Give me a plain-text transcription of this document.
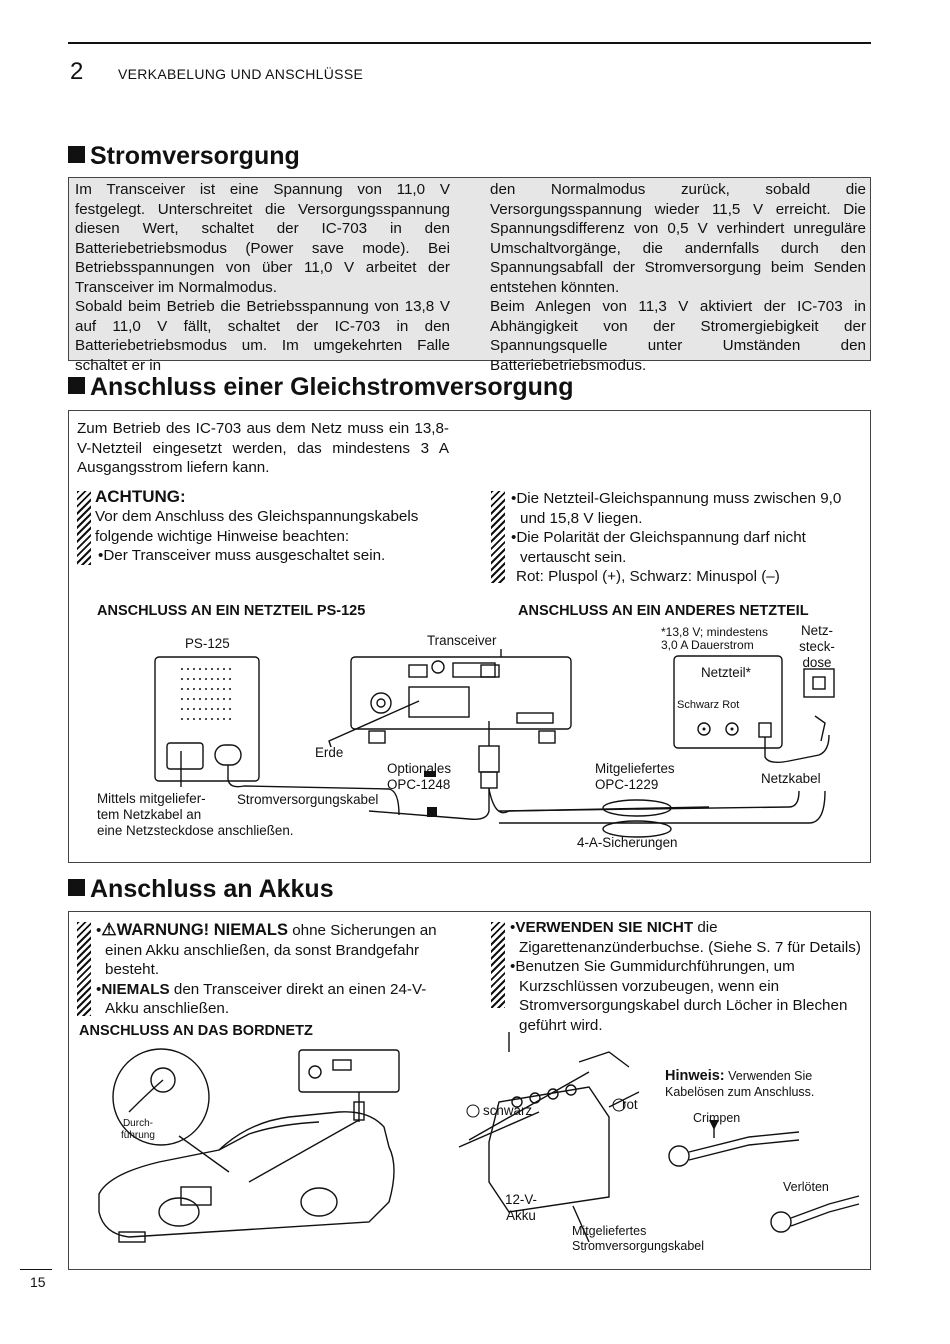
2 VERKABELUNG UND ANSCHLÜSSE
Stromversorgung
Im Transceiver ist eine Spannung von 11,0 V festgelegt. Unterschreitet die Versorgungsspannung diesen Wert, schaltet der IC-703 in den Batteriebetriebsmodus (Power save mode). Bei Betriebsspannungen von über 11,0 V arbeitet der Transceiver im Normalmodus.
Sobald beim Betrieb die Betriebsspannung von 13,8 V auf 11,0 V fällt, schaltet der IC-703 in den Batteriebetriebsmodus um. Im umgekehrten Falle schaltet er in
den Normalmodus zurück, sobald die Versorgungsspannung wieder 11,5 V erreicht. Die Spannungsdifferenz von 0,5 V verhindert unreguläre Umschaltvorgänge, die andernfalls durch den Spannungsabfall der Stromversorgung beim Senden entstehen könnten.
Beim Anlegen von 11,3 V aktiviert der IC-703 in Abhängigkeit von der Stromergiebigkeit der Spannungsquelle unter Umständen den Batteriebetriebsmodus.
Anschluss einer Gleichstromversorgung
Zum Betrieb des IC-703 aus dem Netz muss ein 13,8-V-Netzteil eingesetzt werden, das mindestens 3 A Ausgangsstrom liefern kann.
ACHTUNG:
Vor dem Anschluss des Gleichspannungskabels folgende wichtige Hinweise beachten:
•Der Transceiver muss ausgeschaltet sein.
•Die Netzteil-Gleichspannung muss zwischen 9,0 und 15,8 V liegen.
•Die Polarität der Gleichspannung darf nicht vertauscht sein.
Rot: Pluspol (+), Schwarz: Minuspol (–)
ANSCHLUSS AN EIN NETZTEIL PS-125	ANSCHLUSS AN EIN ANDERES NETZTEIL
PS-125	Transceiver
*13,8 V; mindestens
3,0 A Dauerstrom
Netz-
steck-
dose
Netzteil*
Schwarz Rot
Erde
Optionales
OPC-1248
Mitgeliefertes
OPC-1229	Netzkabel
Mittels mitgeliefer-
tem Netzkabel an
eine Netzsteckdose anschließen.
Stromversorgungskabel
4-A-Sicherungen
Anschluss an Akkus
•⚠WARNUNG! NIEMALS ohne Sicherungen an einen Akku anschließen, da sonst Brandgefahr besteht.
•NIEMALS den Transceiver direkt an einen 24-V-Akku anschließen.
•VERWENDEN SIE NICHT die Zigarettenanzünderbuchse. (Siehe S. 7 für Details)
•Benutzen Sie Gummidurchführungen, um Kurzschlüssen vorzubeugen, wenn ein Stromversorgungskabel durch Löcher in Blechen geführt wird.
ANSCHLUSS AN DAS BORDNETZ
Durch-
führung
schwarz	rot
12-V-
Akku
Mitgeliefertes
Stromversorgungskabel
Hinweis: Verwenden Sie
Kabelösen zum Anschluss.
Crimpen
Verlöten
15
